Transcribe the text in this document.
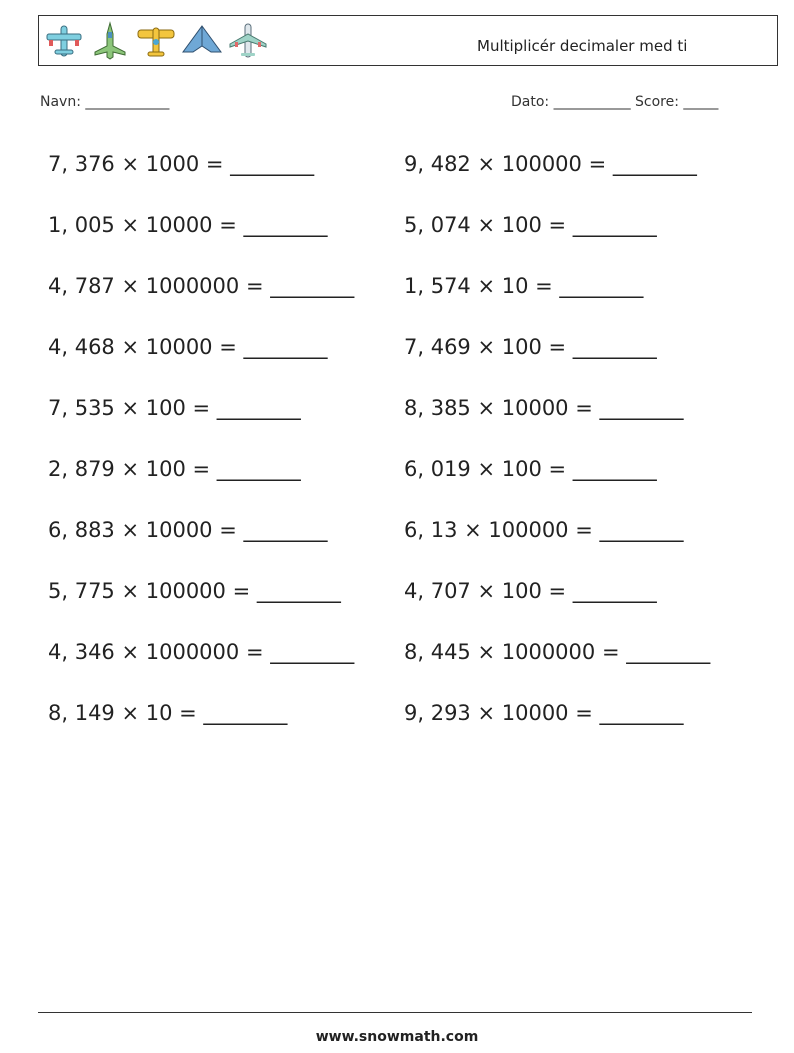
Multiplicér decimaler med ti
Navn: ____________	Dato: ___________ Score: _____
7, 376 × 1000 = ________
1, 005 × 10000 = ________
4, 787 × 1000000 = ________
4, 468 × 10000 = ________
7, 535 × 100 = ________
2, 879 × 100 = ________
6, 883 × 10000 = ________
5, 775 × 100000 = ________
4, 346 × 1000000 = ________
8, 149 × 10 = ________
9, 482 × 100000 = ________
5, 074 × 100 = ________
1, 574 × 10 = ________
7, 469 × 100 = ________
8, 385 × 10000 = ________
6, 019 × 100 = ________
6, 13 × 100000 = ________
4, 707 × 100 = ________
8, 445 × 1000000 = ________
9, 293 × 10000 = ________
www.snowmath.com
